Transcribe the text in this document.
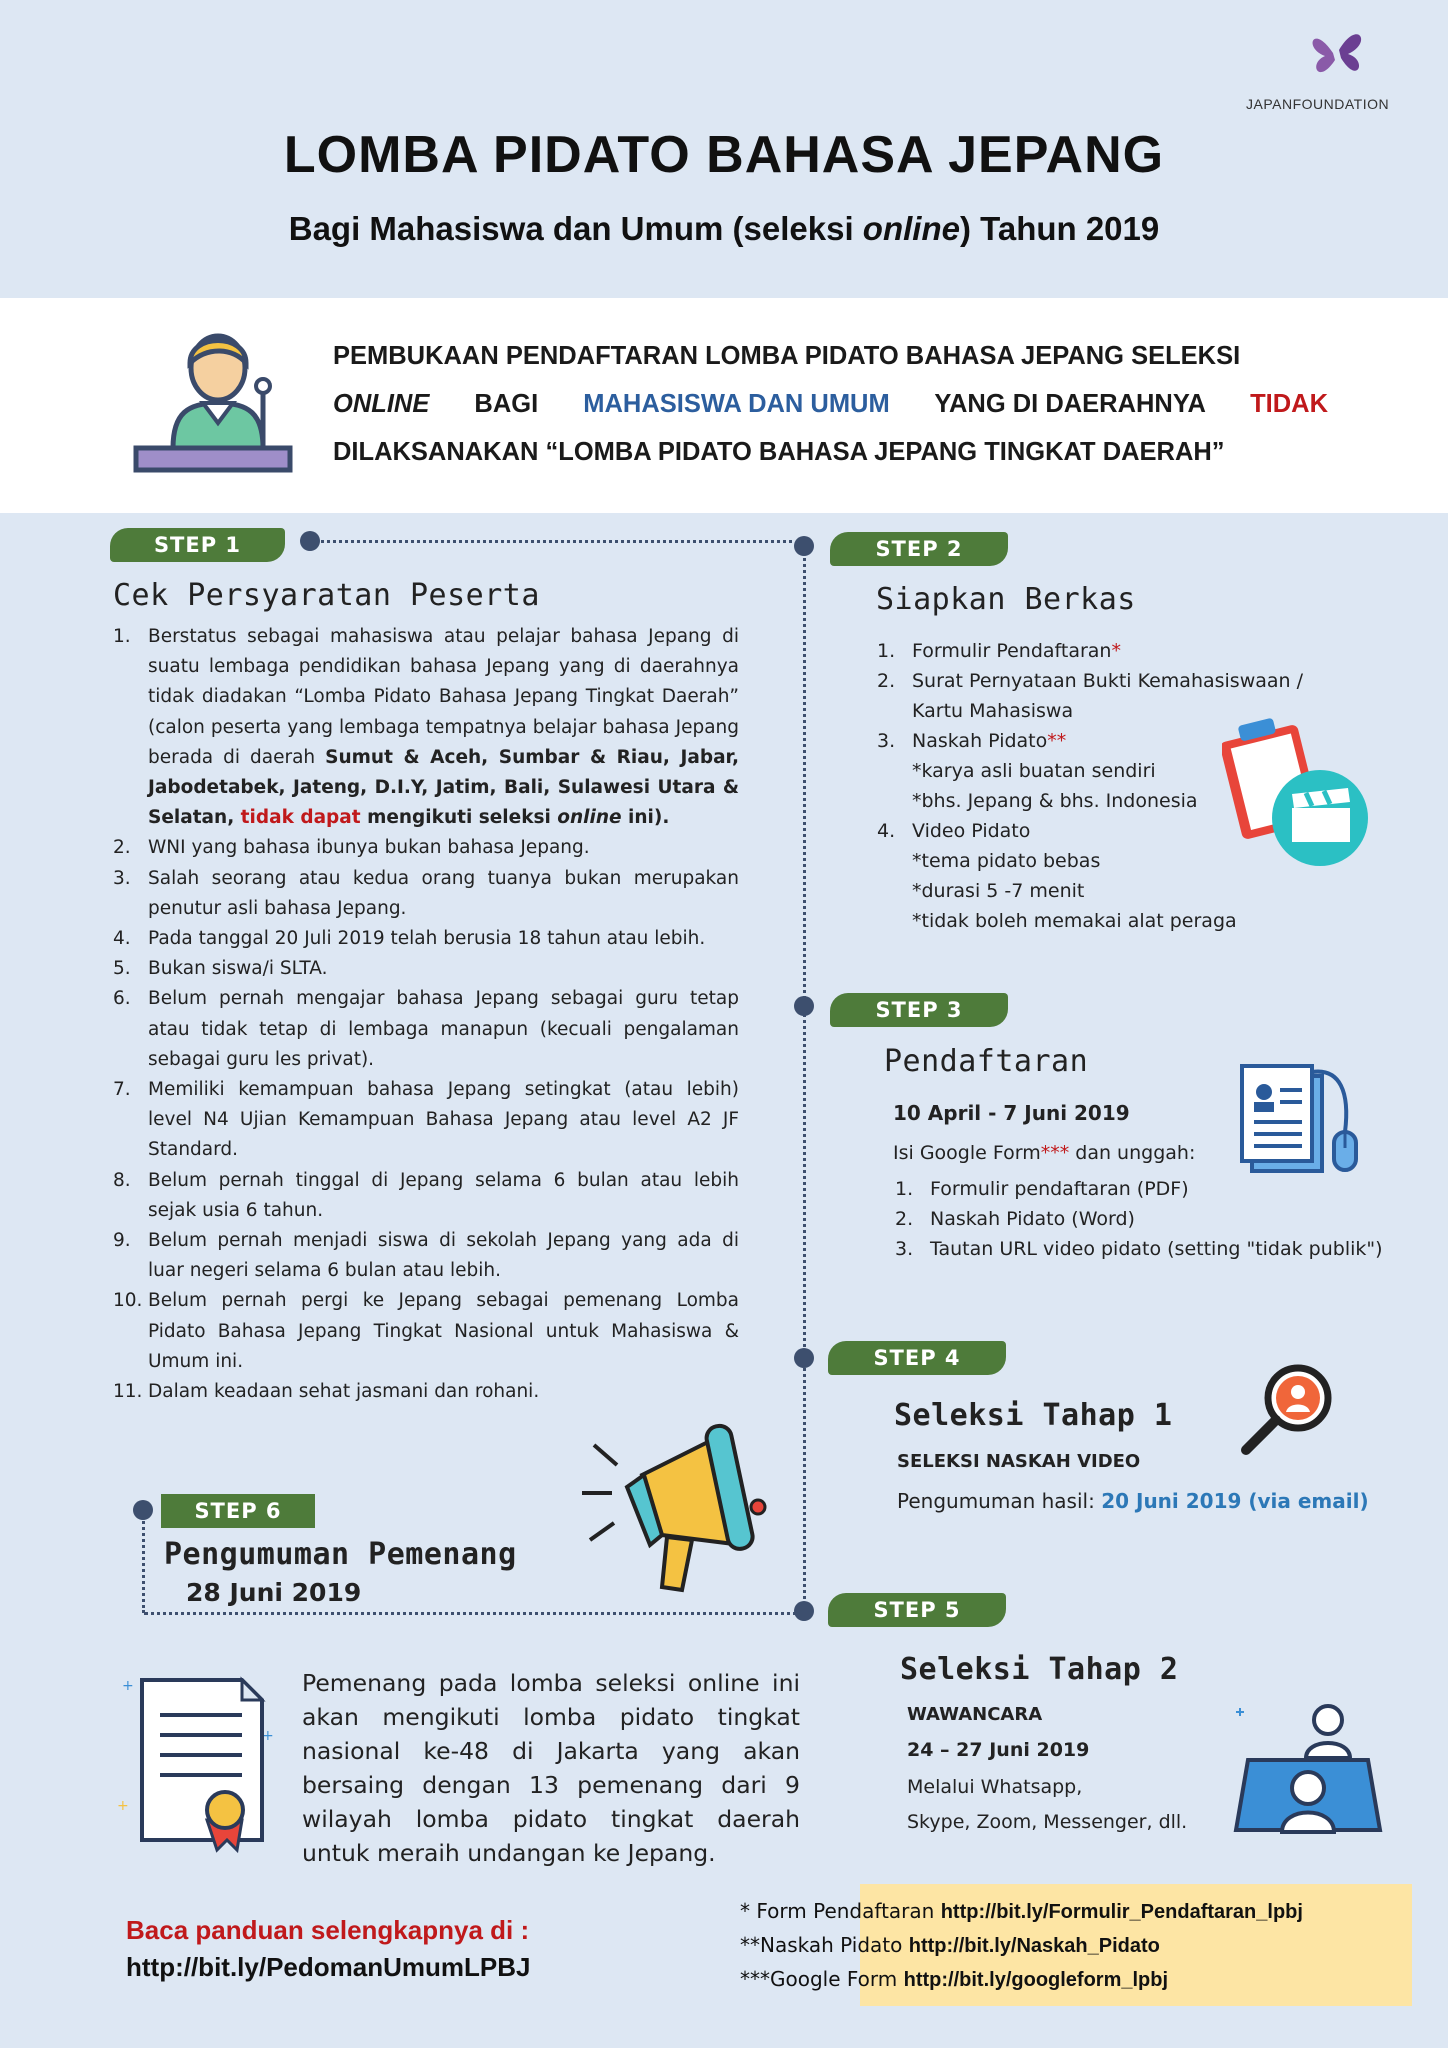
JAPANFOUNDATION
LOMBA PIDATO BAHASA JEPANG
Bagi Mahasiswa dan Umum (seleksi online) Tahun 2019
PEMBUKAAN PENDAFTARAN LOMBA PIDATO BAHASA JEPANG SELEKSI
ONLINE BAGI MAHASISWA DAN UMUM YANG DI DAERAHNYA TIDAK
DILAKSANAKAN “LOMBA PIDATO BAHASA JEPANG TINGKAT DAERAH”
STEP 1
Cek Persyaratan Peserta
1. Berstatus sebagai mahasiswa atau pelajar bahasa Jepang di suatu lembaga pendidikan bahasa Jepang yang di daerahnya tidak diadakan “Lomba Pidato Bahasa Jepang Tingkat Daerah” (calon peserta yang lembaga tempatnya belajar bahasa Jepang berada di daerah Sumut & Aceh, Sumbar & Riau, Jabar, Jabodetabek, Jateng, D.I.Y, Jatim, Bali, Sulawesi Utara & Selatan, tidak dapat mengikuti seleksi online ini).
2. WNI yang bahasa ibunya bukan bahasa Jepang.
3. Salah seorang atau kedua orang tuanya bukan merupakan penutur asli bahasa Jepang.
4. Pada tanggal 20 Juli 2019 telah berusia 18 tahun atau lebih.
5. Bukan siswa/i SLTA.
6. Belum pernah mengajar bahasa Jepang sebagai guru tetap atau tidak tetap di lembaga manapun (kecuali pengalaman sebagai guru les privat).
7. Memiliki kemampuan bahasa Jepang setingkat (atau lebih) level N4 Ujian Kemampuan Bahasa Jepang atau level A2 JF Standard.
8. Belum pernah tinggal di Jepang selama 6 bulan atau lebih sejak usia 6 tahun.
9. Belum pernah menjadi siswa di sekolah Jepang yang ada di luar negeri selama 6 bulan atau lebih.
10. Belum pernah pergi ke Jepang sebagai pemenang Lomba Pidato Bahasa Jepang Tingkat Nasional untuk Mahasiswa & Umum ini.
11. Dalam keadaan sehat jasmani dan rohani.
STEP 2
Siapkan Berkas
1. Formulir Pendaftaran*
2. Surat Pernyataan Bukti Kemahasiswaan / Kartu Mahasiswa
3. Naskah Pidato**
*karya asli buatan sendiri
*bhs. Jepang & bhs. Indonesia
4. Video Pidato
*tema pidato bebas
*durasi 5 -7 menit
*tidak boleh memakai alat peraga
STEP 3
Pendaftaran
10 April - 7 Juni 2019
Isi Google Form*** dan unggah:
1. Formulir pendaftaran (PDF)
2. Naskah Pidato (Word)
3. Tautan URL video pidato (setting "tidak publik")
STEP 4
Seleksi Tahap 1
SELEKSI NASKAH VIDEO
Pengumuman hasil: 20 Juni 2019 (via email)
STEP 5
Seleksi Tahap 2
WAWANCARA
24 – 27 Juni 2019
Melalui Whatsapp,
Skype, Zoom, Messenger, dll.
STEP 6
Pengumuman Pemenang
28 Juni 2019
+
+
+
Pemenang pada lomba seleksi online ini akan mengikuti lomba pidato tingkat nasional ke-48 di Jakarta yang akan bersaing dengan 13 pemenang dari 9 wilayah lomba pidato tingkat daerah untuk meraih undangan ke Jepang.
Baca panduan selengkapnya di :
http://bit.ly/PedomanUmumLPBJ
* Form Pendaftaran http://bit.ly/Formulir_Pendaftaran_lpbj
**Naskah Pidato http://bit.ly/Naskah_Pidato
***Google Form http://bit.ly/googleform_lpbj
